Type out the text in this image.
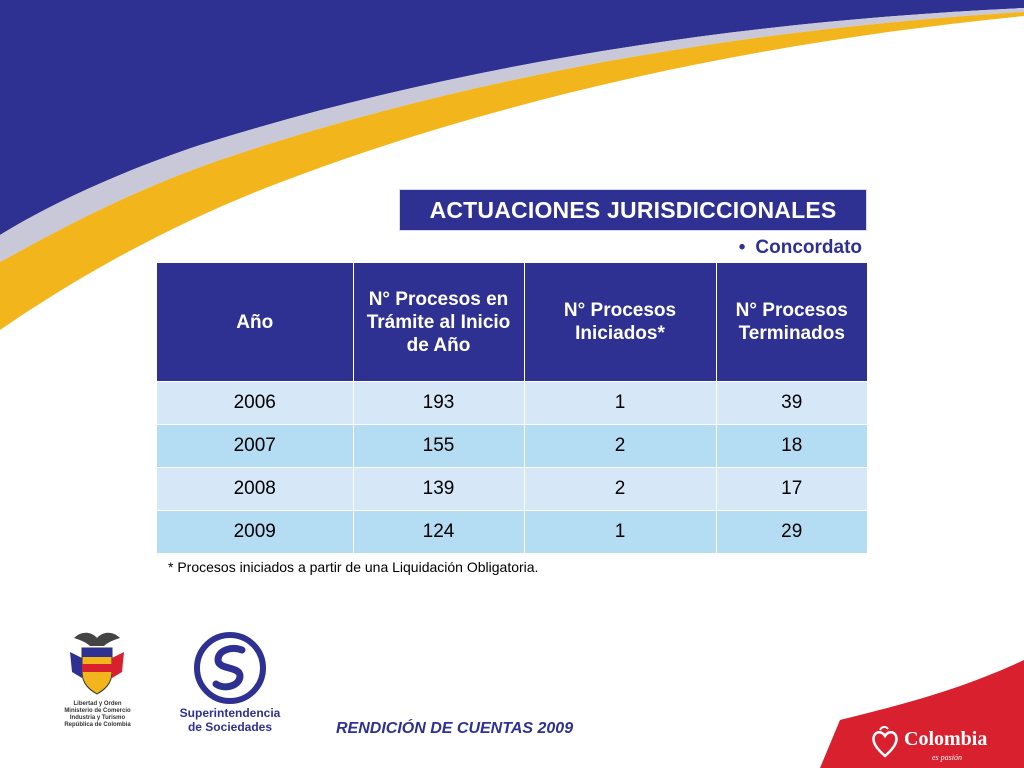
ACTUACIONES JURISDICCIONALES
• Concordato
Año	N° Procesos en Trámite al Inicio de Año	N° Procesos Iniciados*	N° Procesos Terminados
2006	193	1	39
2007	155	2	18
2008	139	2	17
2009	124	1	29
* Procesos iniciados a partir de una Liquidación Obligatoria.
Libertad y Orden
Ministerio de Comercio
Industria y Turismo
República de Colombia
Superintendencia
de Sociedades	RENDICIÓN DE CUENTAS 2009	Colombia
es pasión
